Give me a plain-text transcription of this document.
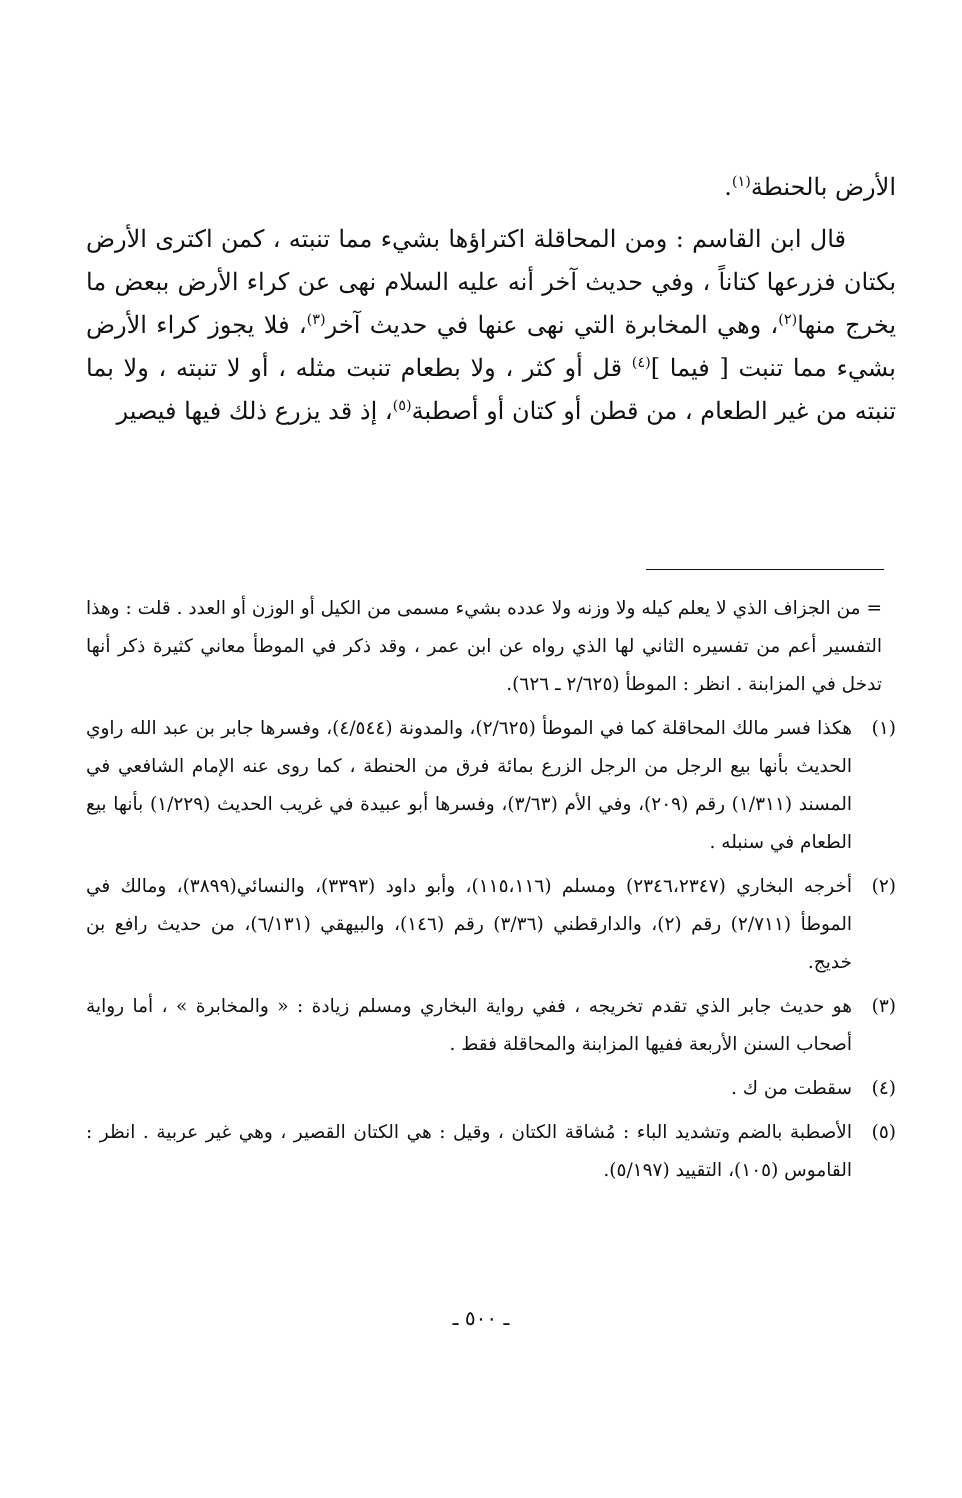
الأرض بالحنطة$^{(١)}$.

قال ابن القاسم : ومن المحاقلة اكتراؤها بشيء مما تنبته ، كمن اكترى الأرض بكتان فزرعها كتاناً ، وفي حديث آخر أنه عليه السلام نهى عن كراء الأرض ببعض ما يخرج منها$^{(٢)}$، وهي المخابرة التي نهى عنها في حديث آخر$^{(٣)}$، فلا يجوز كراء الأرض بشيء مما تنبت [ فيما ]$^{(٤)}$ قل أو كثر ، ولا بطعام تنبت مثله ، أو لا تنبته ، ولا بما تنبته من غير الطعام ، من قطن أو كتان أو أصطبة$^{(٥)}$، إذ قد يزرع ذلك فيها فيصير

= من الجزاف الذي لا يعلم كيله ولا وزنه ولا عدده بشيء مسمى من الكيل أو الوزن أو العدد . قلت : وهذا التفسير أعم من تفسيره الثاني لها الذي رواه عن ابن عمر ، وقد ذكر في الموطأ معاني كثيرة ذكر أنها تدخل في المزابنة . انظر : الموطأ (٢/٦٢٥ ـ ٦٢٦).

(١)
هكذا فسر مالك المحاقلة كما في الموطأ (٢/٦٢٥)، والمدونة (٤/٥٤٤)، وفسرها جابر بن عبد الله راوي الحديث بأنها بيع الرجل من الرجل الزرع بمائة فرق من الحنطة ، كما روى عنه الإمام الشافعي في المسند (١/٣١١) رقم (٢٠٩)، وفي الأم (٣/٦٣)، وفسرها أبو عبيدة في غريب الحديث (١/٢٢٩) بأنها بيع الطعام في سنبله .
(٢)
أخرجه البخاري (٢٣٤٦،٢٣٤٧) ومسلم (١١٥،١١٦)، وأبو داود (٣٣٩٣)، والنسائي(٣٨٩٩)، ومالك في الموطأ (٢/٧١١) رقم (٢)، والدارقطني (٣/٣٦) رقم (١٤٦)، والبيهقي (٦/١٣١)، من حديث رافع بن خديج.
(٣)
هو حديث جابر الذي تقدم تخريجه ، ففي رواية البخاري ومسلم زيادة : « والمخابرة » ، أما رواية أصحاب السنن الأربعة ففيها المزابنة والمحاقلة فقط .
(٤)
سقطت من ك .
(٥)
الأصطبة بالضم وتشديد الباء : مُشاقة الكتان ، وقيل : هي الكتان القصير ، وهي غير عربية . انظر : القاموس (١٠٥)، التقييد (٥/١٩٧).
ـ ٥٠٠ ـ
